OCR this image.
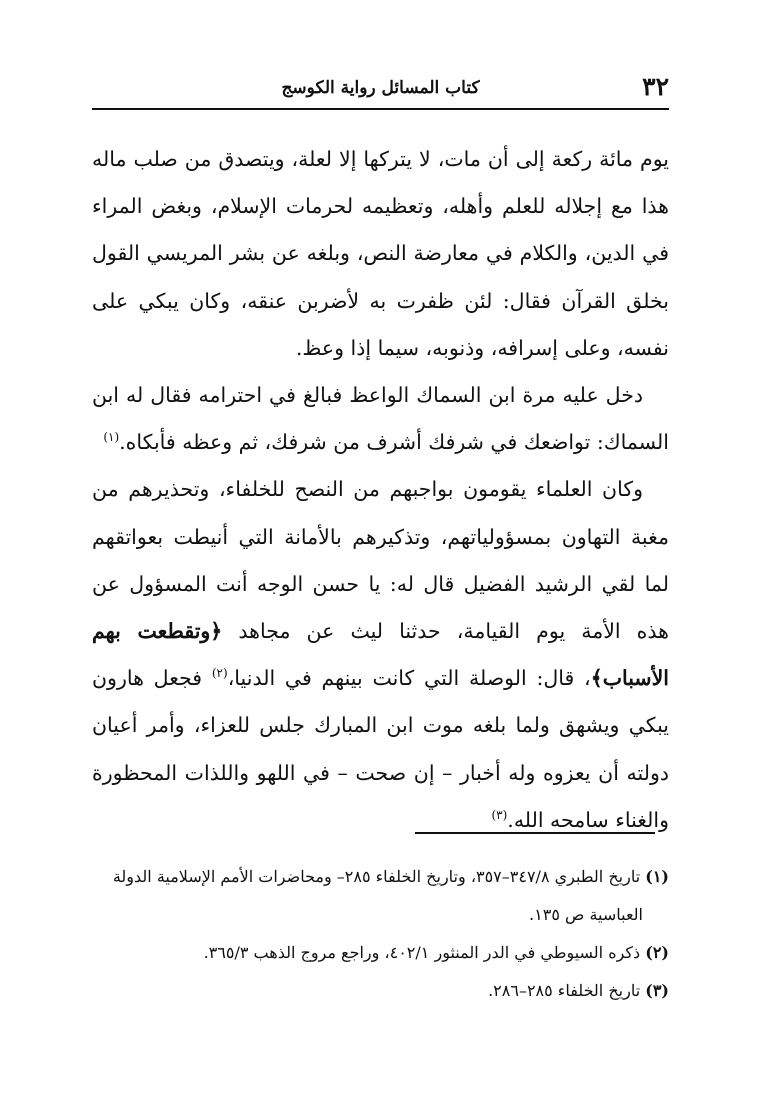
٣٢
كتاب المسائل رواية الكوسج

يوم مائة ركعة إلى أن مات، لا يتركها إلا لعلة، ويتصدق من صلب ماله هذا مع إجلاله للعلم وأهله، وتعظيمه لحرمات الإسلام، وبغض المراء في الدين، والكلام في معارضة النص، وبلغه عن بشر المريسي القول بخلق القرآن فقال: لئن ظفرت به لأضربن عنقه، وكان يبكي على نفسه، وعلى إسرافه، وذنوبه، سيما إذا وعظ.

دخل عليه مرة ابن السماك الواعظ فبالغ في احترامه فقال له ابن السماك: تواضعك في شرفك أشرف من شرفك، ثم وعظه فأبكاه.$^{(١)}$

وكان العلماء يقومون بواجبهم من النصح للخلفاء، وتحذيرهم من مغبة التهاون بمسؤولياتهم، وتذكيرهم بالأمانة التي أنيطت بعواتقهم لما لقي الرشيد الفضيل قال له: يا حسن الوجه أنت المسؤول عن هذه الأمة يوم القيامة، حدثنا ليث عن مجاهد ﴿وتقطعت بهم الأسباب﴾، قال: الوصلة التي كانت بينهم في الدنيا،$^{(٢)}$ فجعل هارون يبكي ويشهق ولما بلغه موت ابن المبارك جلس للعزاء، وأمر أعيان دولته أن يعزوه وله أخبار – إن صحت – في اللهو واللذات المحظورة والغناء سامحه الله.$^{(٣)}$

(١) تاريخ الطبري ٣٤٧/٨–٣٥٧، وتاريخ الخلفاء ٢٨٥– ومحاضرات الأمم الإسلامية الدولة

العباسية ص ١٣٥.

(٢) ذكره السيوطي في الدر المنثور ٤٠٢/١، وراجع مروج الذهب ٣٦٥/٣.

(٣) تاريخ الخلفاء ٢٨٥–٢٨٦.
